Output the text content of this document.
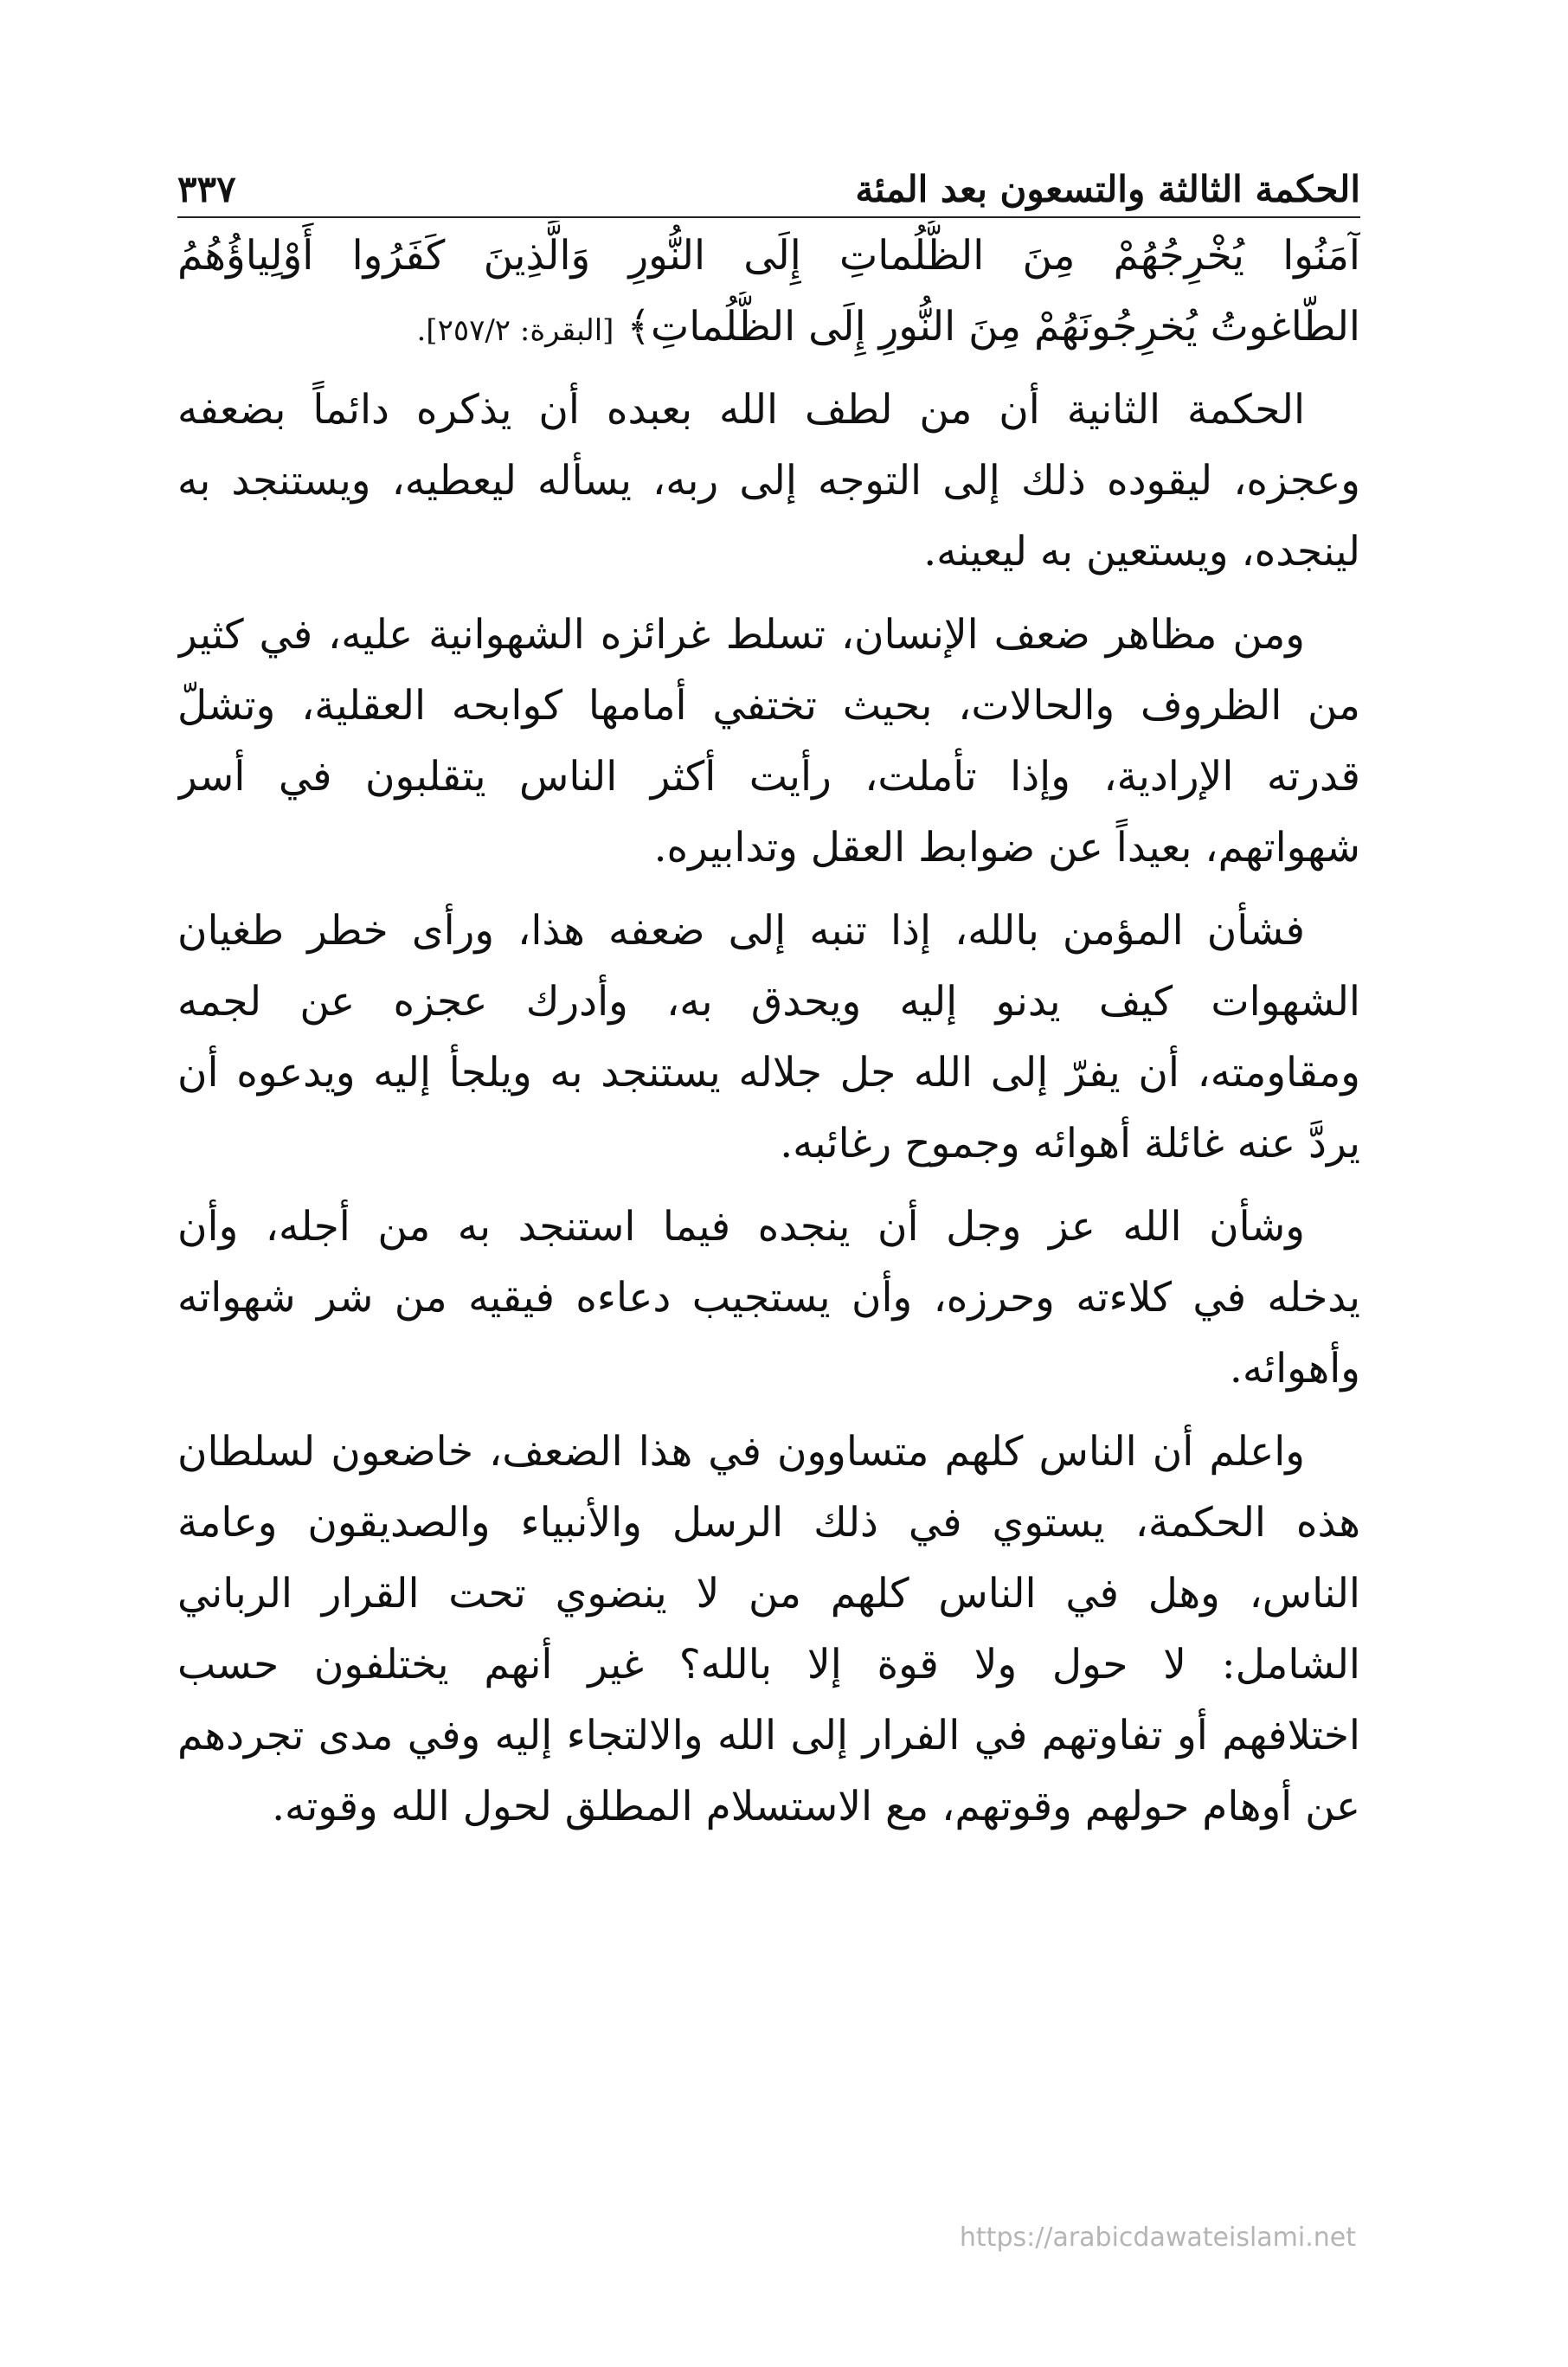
الحكمة الثالثة والتسعون بعد المئة
٣٣٧
آمَنُوا يُخْرِجُهُمْ مِنَ الظُّلُماتِ إِلَى النُّورِ وَالَّذِينَ كَفَرُوا أَوْلِياؤُهُمُ
الطّاغوتُ يُخرِجُونَهُمْ مِنَ النُّورِ إِلَى الظُّلُماتِ﴾ [البقرة: ٢٥٧/٢].
الحكمة الثانية أن من لطف الله بعبده أن يذكره دائماً بضعفه
وعجزه، ليقوده ذلك إلى التوجه إلى ربه، يسأله ليعطيه، ويستنجد به
لينجده، ويستعين به ليعينه.
ومن مظاهر ضعف الإنسان، تسلط غرائزه الشهوانية عليه، في كثير
من الظروف والحالات، بحيث تختفي أمامها كوابحه العقلية، وتشلّ
قدرته الإرادية، وإذا تأملت، رأيت أكثر الناس يتقلبون في أسر
شهواتهم، بعيداً عن ضوابط العقل وتدابيره.
فشأن المؤمن بالله، إذا تنبه إلى ضعفه هذا، ورأى خطر طغيان
الشهوات كيف يدنو إليه ويحدق به، وأدرك عجزه عن لجمه
ومقاومته، أن يفرّ إلى الله جل جلاله يستنجد به ويلجأ إليه ويدعوه أن
يردَّ عنه غائلة أهوائه وجموح رغائبه.
وشأن الله عز وجل أن ينجده فيما استنجد به من أجله، وأن
يدخله في كلاءته وحرزه، وأن يستجيب دعاءه فيقيه من شر شهواته
وأهوائه.
واعلم أن الناس كلهم متساوون في هذا الضعف، خاضعون لسلطان
هذه الحكمة، يستوي في ذلك الرسل والأنبياء والصديقون وعامة
الناس، وهل في الناس كلهم من لا ينضوي تحت القرار الرباني
الشامل: لا حول ولا قوة إلا بالله؟ غير أنهم يختلفون حسب
اختلافهم أو تفاوتهم في الفرار إلى الله والالتجاء إليه وفي مدى تجردهم
عن أوهام حولهم وقوتهم، مع الاستسلام المطلق لحول الله وقوته.
https://arabicdawateislami.net
